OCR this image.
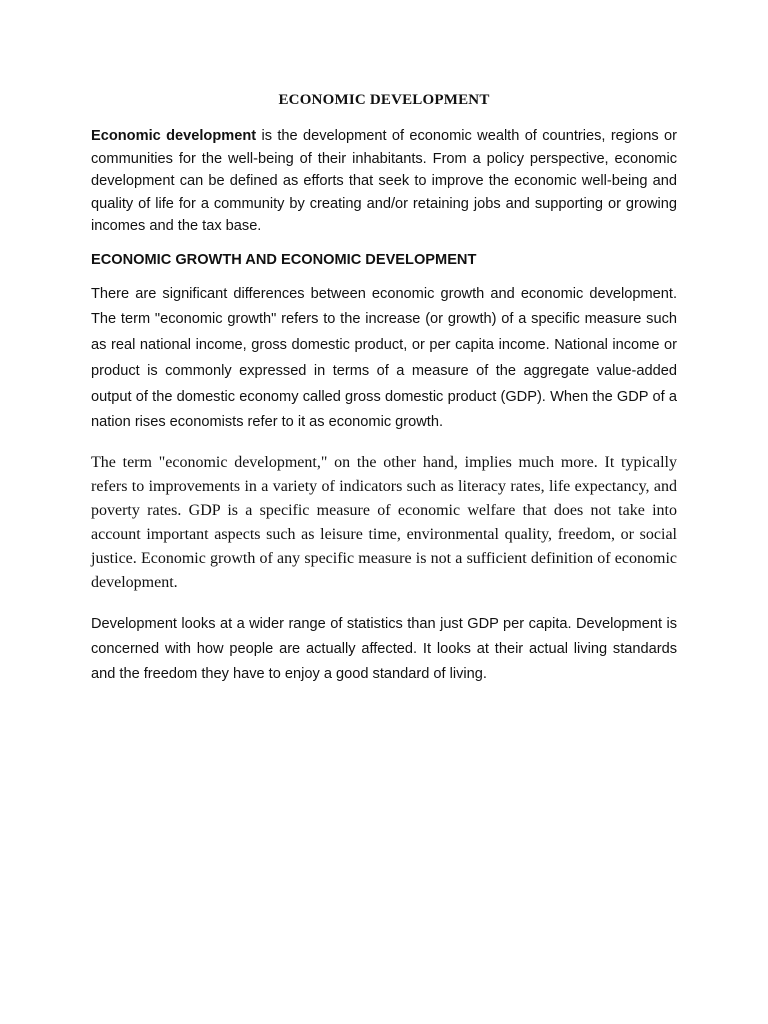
ECONOMIC DEVELOPMENT

Economic development is the development of economic wealth of countries, regions or communities for the well-being of their inhabitants. From a policy perspective, economic development can be defined as efforts that seek to improve the economic well-being and quality of life for a community by creating and/or retaining jobs and supporting or growing incomes and the tax base.

ECONOMIC GROWTH AND ECONOMIC DEVELOPMENT

There are significant differences between economic growth and economic development. The term "economic growth" refers to the increase (or growth) of a specific measure such as real national income, gross domestic product, or per capita income. National income or product is commonly expressed in terms of a measure of the aggregate value-added output of the domestic economy called gross domestic product (GDP). When the GDP of a nation rises economists refer to it as economic growth.

The term "economic development," on the other hand, implies much more. It typically refers to improvements in a variety of indicators such as literacy rates, life expectancy, and poverty rates. GDP is a specific measure of economic welfare that does not take into account important aspects such as leisure time, environmental quality, freedom, or social justice. Economic growth of any specific measure is not a sufficient definition of economic development.

Development looks at a wider range of statistics than just GDP per capita. Development is concerned with how people are actually affected. It looks at their actual living standards and the freedom they have to enjoy a good standard of living.
